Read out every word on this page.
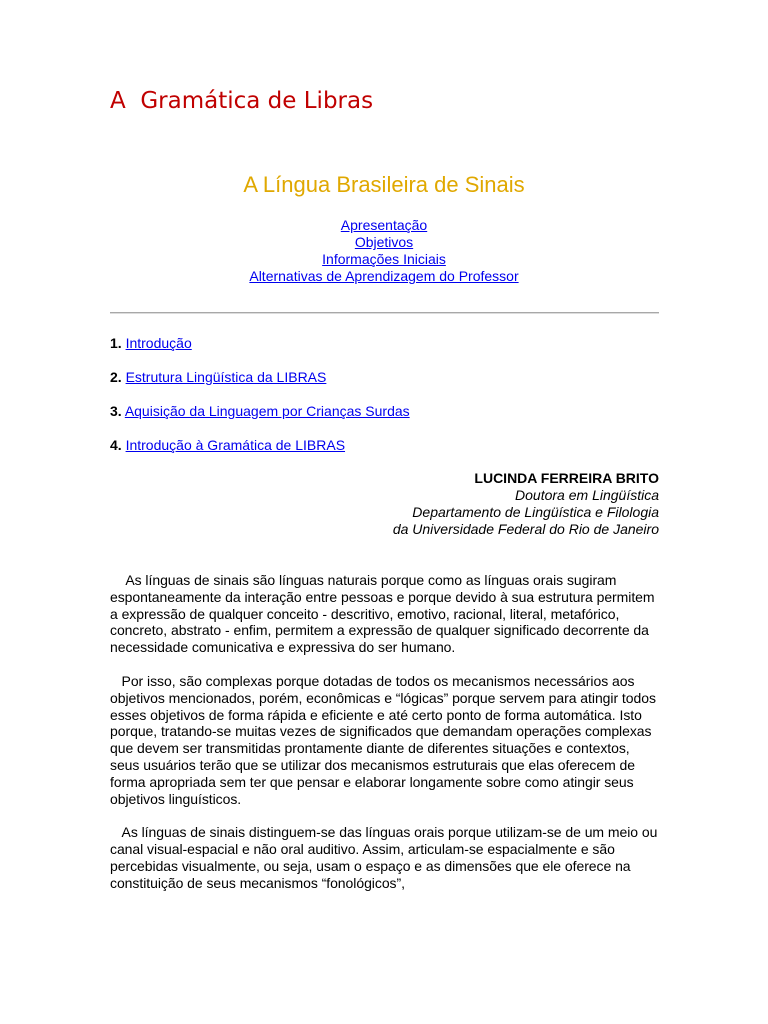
A  Gramática de Libras
A Língua Brasileira de Sinais
Apresentação
Objetivos
Informações Iniciais
Alternativas de Aprendizagem do Professor
1. Introdução
2. Estrutura Lingüística da LIBRAS
3. Aquisição da Linguagem por Crianças Surdas
4. Introdução à Gramática de LIBRAS
LUCINDA FERREIRA BRITO
Doutora em Lingüística
Departamento de Lingüística e Filologia
da Universidade Federal do Rio de Janeiro

As línguas de sinais são línguas naturais porque como as línguas orais sugiram espontaneamente da interação entre pessoas e porque devido à sua estrutura permitem a expressão de qualquer conceito - descritivo, emotivo, racional, literal, metafórico, concreto, abstrato - enfim, permitem a expressão de qualquer significado decorrente da necessidade comunicativa e expressiva do ser humano.

Por isso, são complexas porque dotadas de todos os mecanismos necessários aos objetivos mencionados, porém, econômicas e “lógicas” porque servem para atingir todos esses objetivos de forma rápida e eficiente e até certo ponto de forma automática. Isto porque, tratando-se muitas vezes de significados que demandam operações complexas que devem ser transmitidas prontamente diante de diferentes situações e contextos, seus usuários terão que se utilizar dos mecanismos estruturais que elas oferecem de forma apropriada sem ter que pensar e elaborar longamente sobre como atingir seus objetivos linguísticos.

As línguas de sinais distinguem-se das línguas orais porque utilizam-se de um meio ou canal visual-espacial e não oral auditivo. Assim, articulam-se espacialmente e são percebidas visualmente, ou seja, usam o espaço e as dimensões que ele oferece na constituição de seus mecanismos “fonológicos”,
